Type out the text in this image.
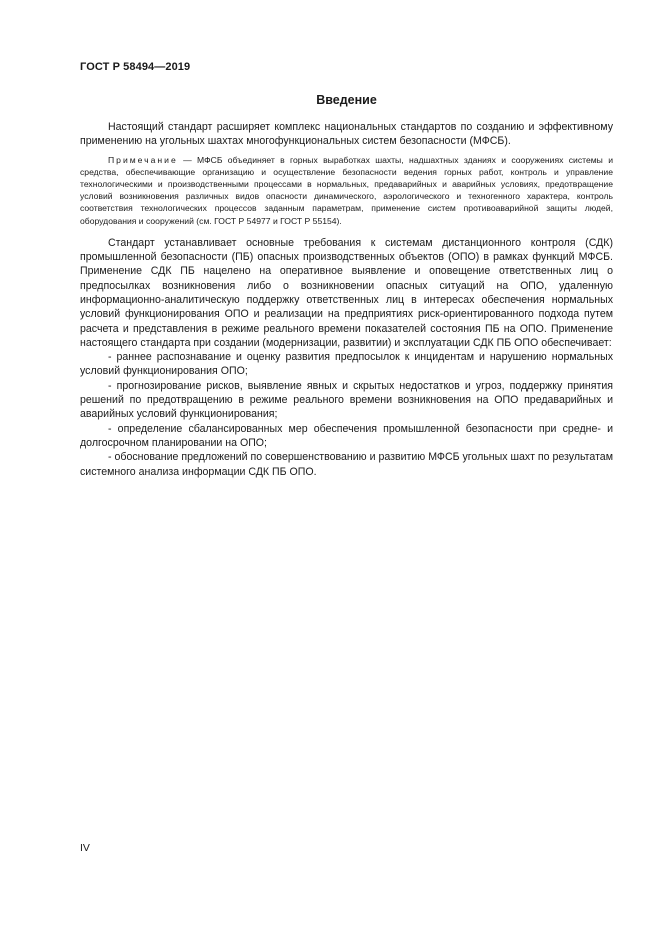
ГОСТ Р 58494—2019
Введение

Настоящий стандарт расширяет комплекс национальных стандартов по созданию и эффективному применению на угольных шахтах многофункциональных систем безопасности (МФСБ).

Примечание — МФСБ объединяет в горных выработках шахты, надшахтных зданиях и сооружениях системы и средства, обеспечивающие организацию и осуществление безопасности ведения горных работ, контроль и управление технологическими и производственными процессами в нормальных, предаварийных и аварийных условиях, предотвращение условий возникновения различных видов опасности динамического, аэрологического и техногенного характера, контроль соответствия технологических процессов заданным параметрам, применение систем противоаварийной защиты людей, оборудования и сооружений (см. ГОСТ Р 54977 и ГОСТ Р 55154).

Стандарт устанавливает основные требования к системам дистанционного контроля (СДК) промышленной безопасности (ПБ) опасных производственных объектов (ОПО) в рамках функций МФСБ. Применение СДК ПБ нацелено на оперативное выявление и оповещение ответственных лиц о предпосылках возникновения либо о возникновении опасных ситуаций на ОПО, удаленную информационно-аналитическую поддержку ответственных лиц в интересах обеспечения нормальных условий функционирования ОПО и реализации на предприятиях риск-ориентированного подхода путем расчета и представления в режиме реального времени показателей состояния ПБ на ОПО. Применение настоящего стандарта при создании (модернизации, развитии) и эксплуатации СДК ПБ ОПО обеспечивает:

- раннее распознавание и оценку развития предпосылок к инцидентам и нарушению нормальных условий функционирования ОПО;

- прогнозирование рисков, выявление явных и скрытых недостатков и угроз, поддержку принятия решений по предотвращению в режиме реального времени возникновения на ОПО предаварийных и аварийных условий функционирования;

- определение сбалансированных мер обеспечения промышленной безопасности при средне- и долгосрочном планировании на ОПО;

- обоснование предложений по совершенствованию и развитию МФСБ угольных шахт по результатам системного анализа информации СДК ПБ ОПО.

IV
